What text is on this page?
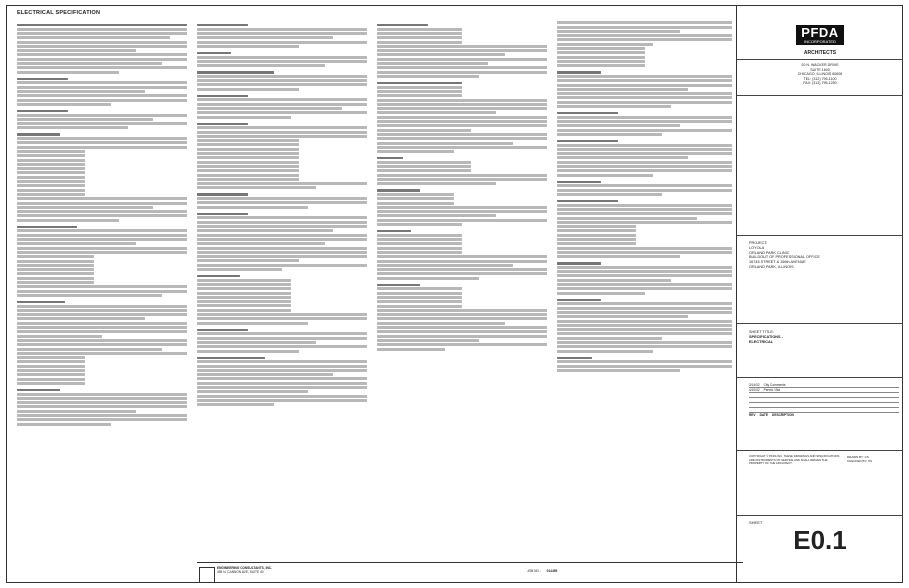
ELECTRICAL SPECIFICATION
ENGINEERING CONSULTANTS, INC.
455 N. CANNON AVE, SUITE 40	JOB NO.: 014459
PFDA
INCORPORATED
ARCHITECTS
20 N. WACKER DRIVE
SUITE 1600
CHICAGO, ILLINOIS 60606
TEL: (312) 795-1100
FAX: (312) 795-1250
PROJECT:
LOYOLA
ORLAND PARK CLINIC
BUILDOUT OF PROFESSIONAL OFFICE
16745 STREET & 156th AVENUE
ORLAND PARK, ILLINOIS
SHEET TITLE:
SPECIFICATIONS -
ELECTRICAL
3/14/02 City Comments
4/10/02 Permit / Bid
REV DATE DESCRIPTION
COPYRIGHT © PFDA INC. THESE DRAWINGS AND SPECIFICATIONS ARE INSTRUMENTS OF SERVICE AND SHALL REMAIN THE PROPERTY OF THE ARCHITECT.
DRAWN BY: CS
CHECKED BY: VS
SHEET
E0.1
